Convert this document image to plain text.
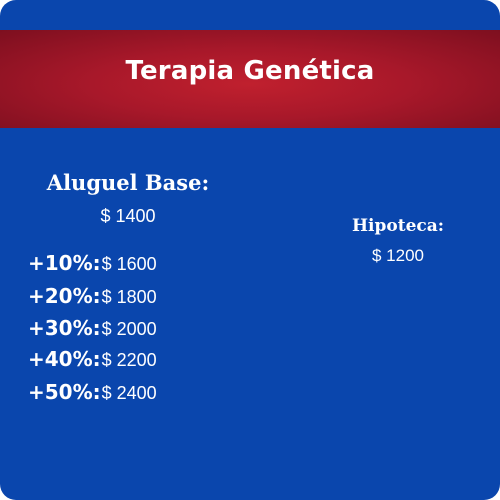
Terapia Genética
Aluguel Base:
$ 1400
+10%:$ 1600
+20%:$ 1800
+30%:$ 2000
+40%:$ 2200
+50%:$ 2400
Hipoteca:
$ 1200
